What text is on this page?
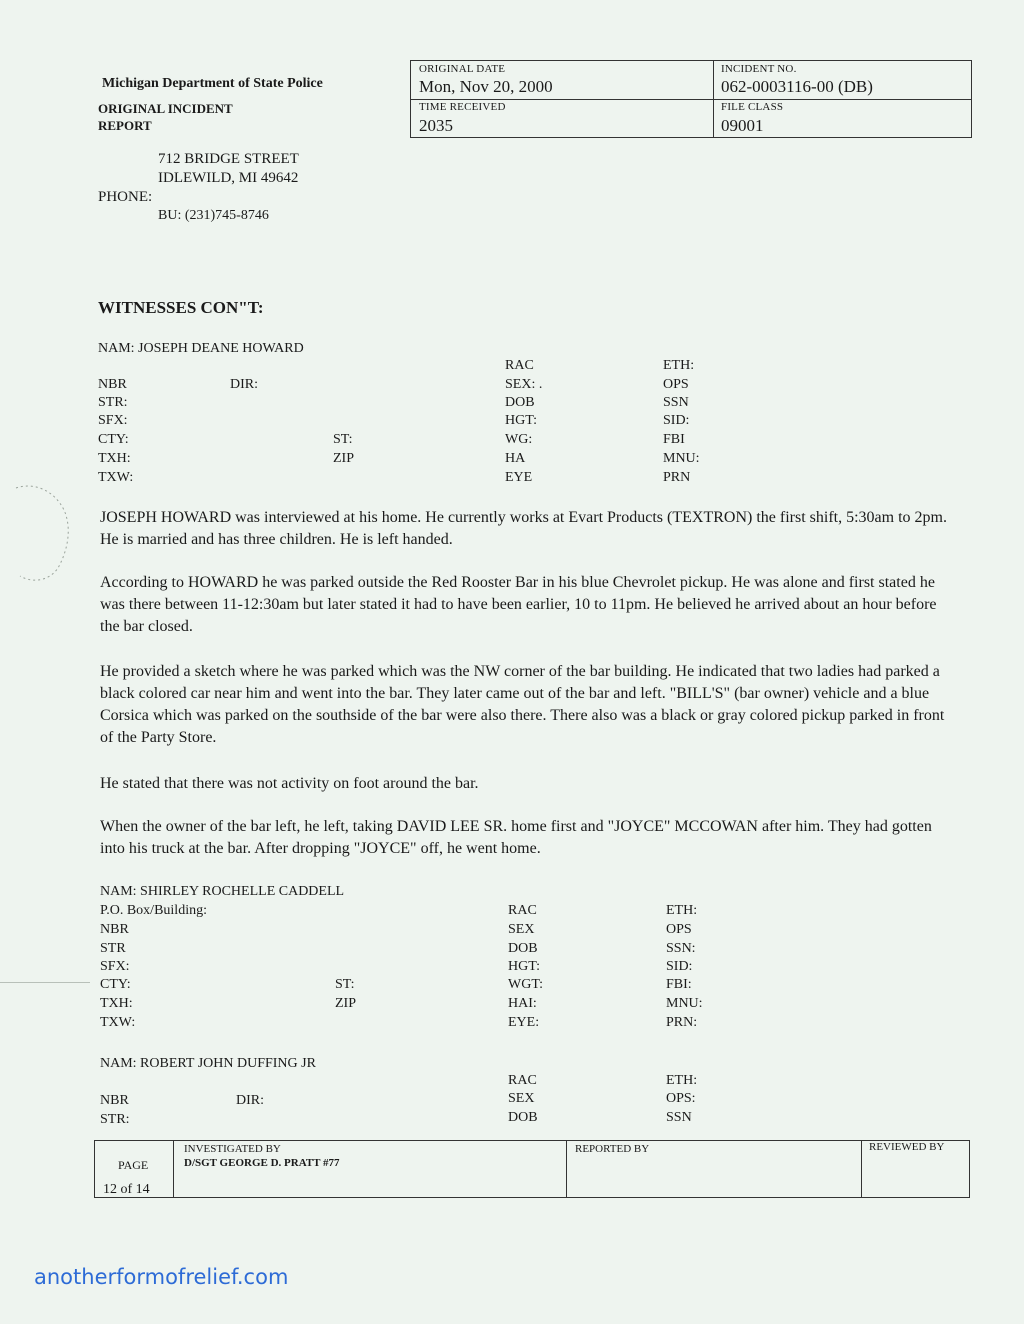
Michigan Department of State Police
ORIGINAL INCIDENT
REPORT
712 BRIDGE STREET
IDLEWILD, MI 49642
PHONE:
BU: (231)745-8746
ORIGINAL DATE
Mon, Nov 20, 2000
INCIDENT NO.
062-0003116-00 (DB)
TIME RECEIVED
2035
FILE CLASS
09001
WITNESSES CON"T:
NAM: JOSEPH DEANE HOWARD
NBR
STR:
SFX:
CTY:
TXH:
TXW:
DIR:
ST:
ZIP
RAC
SEX: .
DOB
HGT:
WG:
HA
EYE
ETH:
OPS
SSN
SID:
FBI
MNU:
PRN

JOSEPH HOWARD was interviewed at his home. He currently works at Evart Products (TEXTRON) the first shift, 5:30am to 2pm. He is married and has three children. He is left handed.

According to HOWARD he was parked outside the Red Rooster Bar in his blue Chevrolet pickup. He was alone and first stated he was there between 11-12:30am but later stated it had to have been earlier, 10 to 11pm. He believed he arrived about an hour before the bar closed.

He provided a sketch where he was parked which was the NW corner of the bar building. He indicated that two ladies had parked a black colored car near him and went into the bar. They later came out of the bar and left. "BILL'S" (bar owner) vehicle and a blue Corsica which was parked on the southside of the bar were also there. There also was a black or gray colored pickup parked in front of the Party Store.

He stated that there was not activity on foot around the bar.

When the owner of the bar left, he left, taking DAVID LEE SR. home first and "JOYCE" MCCOWAN after him. They had gotten into his truck at the bar. After dropping "JOYCE" off, he went home.

NAM: SHIRLEY ROCHELLE CADDELL
P.O. Box/Building:
NBR
STR
SFX:
CTY:
TXH:
TXW:
ST:
ZIP
RAC
SEX
DOB
HGT:
WGT:
HAI:
EYE:
ETH:
OPS
SSN:
SID:
FBI:
MNU:
PRN:
NAM: ROBERT JOHN DUFFING JR
NBR
STR:
DIR:
RAC
SEX
DOB
ETH:
OPS:
SSN
PAGE
12 of 14
INVESTIGATED BY
D/SGT GEORGE D. PRATT #77
REPORTED BY	REVIEWED BY
anotherformofrelief.com
